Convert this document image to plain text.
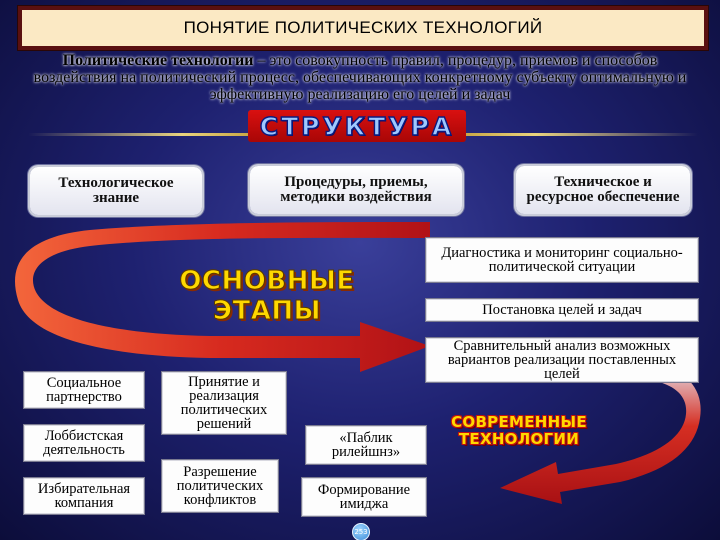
ПОНЯТИЕ ПОЛИТИЧЕСКИХ ТЕХНОЛОГИЙ
Политические технологии – это совокупность правил, процедур, приемов и способов воздействия на политический процесс, обеспечивающих конкретному субъекту оптимальную и эффективную реализацию его целей и задач
СТРУКТУРА
Технологическое знание
Процедуры, приемы, методики воздействия
Техническое и ресурсное обеспечение
ОСНОВНЫЕ ЭТАПЫ
Диагностика и мониторинг социально-политической ситуации
Постановка целей и задач
Сравнительный анализ возможных вариантов реализации поставленных целей
СОВРЕМЕННЫЕ
ТЕХНОЛОГИИ
Социальное партнерство
Лоббистская деятельность
Избирательная компания
Принятие и реализация политических решений
Разрешение политических конфликтов
«Паблик рилейшнз»
Формирование имиджа
253
